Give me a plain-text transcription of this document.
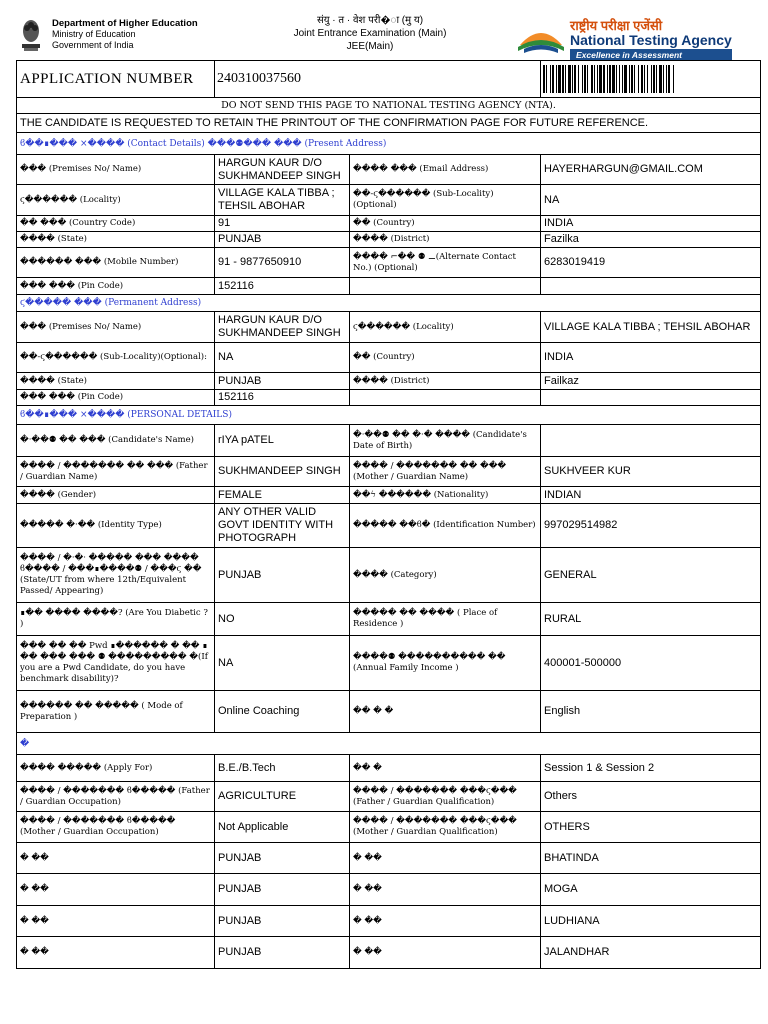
Department of Higher Education
Ministry of Education
Government of India
संयु · त · वेश परी�ा (मु य)
Joint Entrance Examination (Main)
JEE(Main)
राष्ट्रीय परीक्षा एजेंसी
National Testing Agency
Excellence in Assessment
APPLICATION NUMBER	240310037560		

DO NOT SEND THIS PAGE TO NATIONAL TESTING AGENCY (NTA).			
THE CANDIDATE IS REQUESTED TO RETAIN THE PRINTOUT OF THE CONFIRMATION PAGE FOR FUTURE REFERENCE.			
ϐ��∎��� ×���� (Contact Details) ���⚉��� ��� (Present Address)			
��� (Premises No/ Name)	HARGUN KAUR D/O SUKHMANDEEP SINGH	���� ��� (Email Address)	HAYERHARGUN@GMAIL.COM
ϛ������ (Locality)	VILLAGE KALA TIBBA ; TEHSIL ABOHAR	��-ϛ������ (Sub-Locality)(Optional)	NA
�� ��� (Country Code)	91	�� (Country)	INDIA
���� (State)	PUNJAB	���� (District)	Fazilka
������ ��� (Mobile Number)	91 - 9877650910	���� ⌐�� ⚉ ⚊(Alternate Contact No.) (Optional)	6283019419
��� ��� (Pin Code)	152116		
ϛ����� ��� (Permanent Address)			
��� (Premises No/ Name)	HARGUN KAUR D/O SUKHMANDEEP SINGH	ϛ������ (Locality)	VILLAGE KALA TIBBA ; TEHSIL ABOHAR
��-ϛ������ (Sub-Locality)(Optional):	NA	�� (Country)	INDIA
���� (State)	PUNJAB	���� (District)	Failkaz
��� ��� (Pin Code)	152116		
ϐ��∎��� ×���� (PERSONAL DETAILS)			
�·��⚉ �� ��� (Candidate's Name)	rIYA pATEL	�·��⚉ �� �·� ���� (Candidate's Date of Birth)	
���� / ������� �� ��� (Father / Guardian Name)	SUKHMANDEEP SINGH	���� / ������� �� ��� (Mother / Guardian Name)	SUKHVEER KUR
���� (Gender)	FEMALE	��ϟ ������ (Nationality)	INDIAN
����� �·�� (Identity Type)	ANY OTHER VALID GOVT IDENTITY WITH PHOTOGRAPH	����� ��ϐ� (Identification Number)	997029514982
���� / �·�· ����� ��� ���� ϐ���� / ���∎����⚉ / ���ϛ �� (State/UT from where 12th/Equivalent Passed/ Appearing)	PUNJAB	���� (Category)	GENERAL
∎�� ���� ����? (Are You Diabetic ? )	NO	����� �� ���� ( Place of Residence )	RURAL
��� �� �� Pwd ∎������ � �� ∎ �� ��� ��� ⚉ ��������� �(If you are a Pwd Candidate, do you have benchmark disability)?	NA	����⚉ ���������� �� (Annual Family Income )	400001-500000
������ �� ����� ( Mode of Preparation )	Online Coaching	�� � �	English
�			
���� ����� (Apply For)	B.E./B.Tech	�� �	Session 1 & Session 2
���� / ������� ϐ����� (Father / Guardian Occupation)	AGRICULTURE	���� / ������� ���ϛ��� (Father / Guardian Qualification)	Others
���� / ������� ϐ����� (Mother / Guardian Occupation)	Not Applicable	���� / ������� ���ϛ��� (Mother / Guardian Qualification)	OTHERS
� ��	PUNJAB	� ��	BHATINDA
� ��	PUNJAB	� ��	MOGA
� ��	PUNJAB	� ��	LUDHIANA
� ��	PUNJAB	� ��	JALANDHAR
